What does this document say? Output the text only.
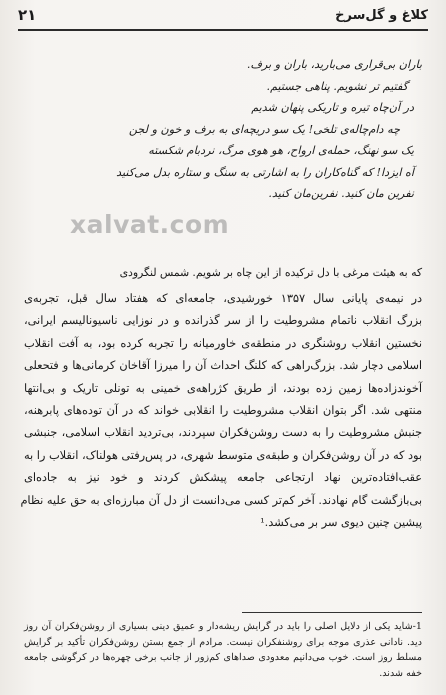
۲۱	کلاغ و گل‌سرخ
باران بی‌قراری می‌بارید، باران و برف.
گفتیم تر نشویم. پناهی جستیم.
در آن‌چاه تیره و تاریکی پنهان شدیم
چه دام‌چاله‌ی تلخی! یک سو دریچه‌ای به برف و خون و لجن
یک سو نهنگ، حمله‌ی ارواح، هو هوی مرگ، نردبام شکسته
آه ایزدا! که گناه‌کاران را به اشارتی به سنگ و ستاره بدل می‌کنید
نفرین مان کنید. نفرین‌مان کنید.
xalvat.com
که به هیئت مرغی با دل ترکیده از این چاه بر شویم. شمس لنگرودی
در نیمه‌ی پایانی سال ۱۳۵۷ خورشیدی، جامعه‌ای که هفتاد سال قبل، تجربه‌ی
بزرگ انقلاب ناتمام مشروطیت را از سر گذرانده و در نوزایی ناسیونالیسم ایرانی،
نخستین انقلاب روشنگری در منطقه‌ی خاورمیانه را تجربه کرده بود، به آفت انقلاب
اسلامی دچار شد. بزرگ‌راهی که کلنگ احداث آن را میرزا آقاخان کرمانی‌ها و فتحعلی
آخوندزاده‌ها زمین زده بودند، از طریق کژراهه‌ی خمینی به تونلی تاریک و بی‌انتها
منتهی شد. اگر بتوان انقلاب مشروطیت را انقلابی خواند که در آن توده‌های پابرهنه،
جنبش مشروطیت را به دست روشن‌فکران سپردند، بی‌تردید انقلاب اسلامی، جنبشی
بود که در آن روشن‌فکران و طبقه‌ی متوسط شهری، در پس‌رفتی هولناک، انقلاب را به
عقب‌افتاده‌ترین نهاد ارتجاعی جامعه پیشکش کردند و خود نیز به جاده‌ای
بی‌بازگشت گام نهادند. آخر کم‌تر کسی می‌دانست از دل آن مبارزه‌ای به حق علیه نظام
پیشین چنین دیوی سر بر می‌کشد.¹
1-شاید یکی از دلایل اصلی را باید در گرایش ریشه‌دار و عمیق دینی بسیاری از روشن‌فکران آن روز
دید. نادانی عذری موجه برای روشنفکران نیست. مرادم از جمع بستن روشن‌فکران تأکید بر گرایش
مسلط روز است. خوب می‌دانیم معدودی صداهای کم‌زور از جانب برخی چهره‌ها در کرگوشی جامعه
خفه شدند.
